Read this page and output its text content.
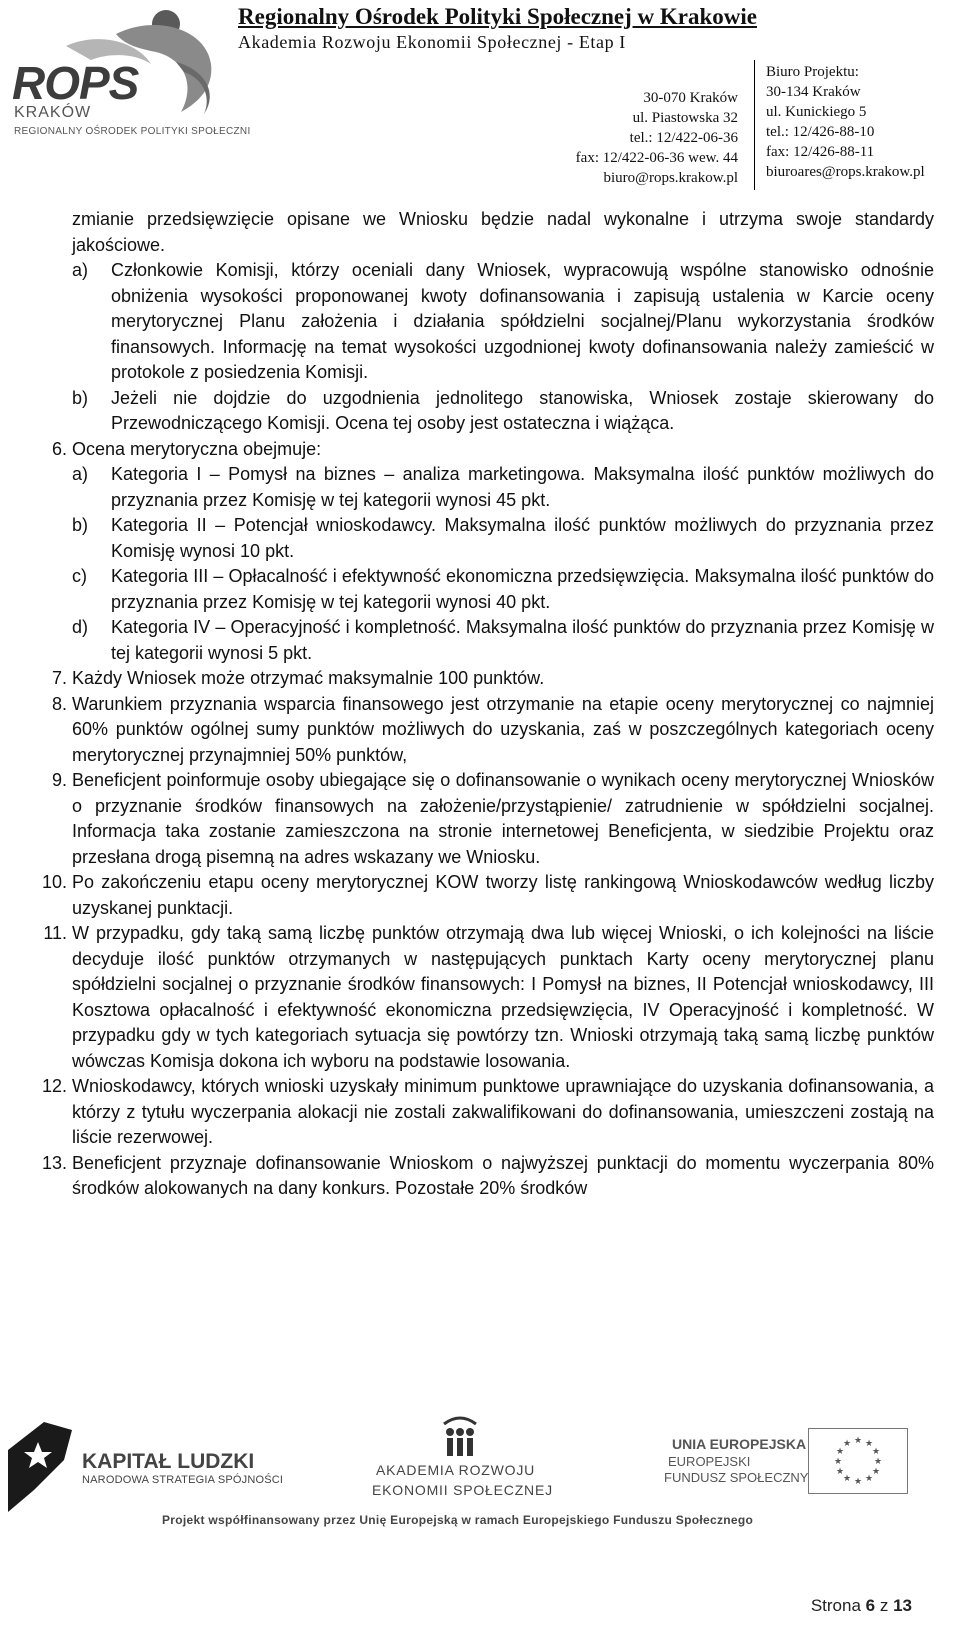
ROPS
KRAKÓW
REGIONALNY OŚRODEK POLITYKI SPOŁECZNI
Regionalny Ośrodek Polityki Społecznej w Krakowie
Akademia Rozwoju Ekonomii Społecznej - Etap I
30-070 Kraków
ul. Piastowska 32
tel.: 12/422-06-36
fax: 12/422-06-36 wew. 44
biuro@rops.krakow.pl
Biuro Projektu:
30-134 Kraków
ul. Kunickiego 5
tel.: 12/426-88-10
fax: 12/426-88-11
biuroares@rops.krakow.pl
zmianie przedsięwzięcie opisane we Wniosku będzie nadal wykonalne i utrzyma swoje standardy jakościowe.
a) Członkowie Komisji, którzy oceniali dany Wniosek, wypracowują wspólne stanowisko odnośnie obniżenia wysokości proponowanej kwoty dofinansowania i zapisują ustalenia w Karcie oceny merytorycznej Planu założenia i działania spółdzielni socjalnej/Planu wykorzystania środków finansowych. Informację na temat wysokości uzgodnionej kwoty dofinansowania należy zamieścić w protokole z posiedzenia Komisji.
b) Jeżeli nie dojdzie do uzgodnienia jednolitego stanowiska, Wniosek zostaje skierowany do Przewodniczącego Komisji. Ocena tej osoby jest ostateczna i wiążąca.
6. Ocena merytoryczna obejmuje:
a) Kategoria I – Pomysł na biznes – analiza marketingowa. Maksymalna ilość punktów możliwych do przyznania przez Komisję w tej kategorii wynosi 45 pkt.
b) Kategoria II – Potencjał wnioskodawcy. Maksymalna ilość punktów możliwych do przyznania przez Komisję wynosi 10 pkt.
c) Kategoria III – Opłacalność i efektywność ekonomiczna przedsięwzięcia. Maksymalna ilość punktów do przyznania przez Komisję w tej kategorii wynosi 40 pkt.
d) Kategoria IV – Operacyjność i kompletność. Maksymalna ilość punktów do przyznania przez Komisję w tej kategorii wynosi 5 pkt.
7. Każdy Wniosek może otrzymać maksymalnie 100 punktów.
8. Warunkiem przyznania wsparcia finansowego jest otrzymanie na etapie oceny merytorycznej co najmniej 60% punktów ogólnej sumy punktów możliwych do uzyskania, zaś w poszczególnych kategoriach oceny merytorycznej przynajmniej 50% punktów,
9. Beneficjent poinformuje osoby ubiegające się o dofinansowanie o wynikach oceny merytorycznej Wniosków o przyznanie środków finansowych na założenie/przystąpienie/ zatrudnienie w spółdzielni socjalnej. Informacja taka zostanie zamieszczona na stronie internetowej Beneficjenta, w siedzibie Projektu oraz przesłana drogą pisemną na adres wskazany we Wniosku.
10. Po zakończeniu etapu oceny merytorycznej KOW tworzy listę rankingową Wnioskodawców według liczby uzyskanej punktacji.
11. W przypadku, gdy taką samą liczbę punktów otrzymają dwa lub więcej Wnioski, o ich kolejności na liście decyduje ilość punktów otrzymanych w następujących punktach Karty oceny merytorycznej planu spółdzielni socjalnej o przyznanie środków finansowych: I Pomysł na biznes, II Potencjał wnioskodawcy, III Kosztowa opłacalność i efektywność ekonomiczna przedsięwzięcia, IV Operacyjność i kompletność. W przypadku gdy w tych kategoriach sytuacja się powtórzy tzn. Wnioski otrzymają taką samą liczbę punktów wówczas Komisja dokona ich wyboru na podstawie losowania.
12. Wnioskodawcy, których wnioski uzyskały minimum punktowe uprawniające do uzyskania dofinansowania, a którzy z tytułu wyczerpania alokacji nie zostali zakwalifikowani do dofinansowania, umieszczeni zostają na liście rezerwowej.
13. Beneficjent przyznaje dofinansowanie Wnioskom o najwyższej punktacji do momentu wyczerpania 80% środków alokowanych na dany konkurs. Pozostałe 20% środków
KAPITAŁ LUDZKI
NARODOWA STRATEGIA SPÓJNOŚCI
AKADEMIA ROZWOJU
EKONOMII SPOŁECZNEJ
UNIA EUROPEJSKA
EUROPEJSKI
FUNDUSZ SPOŁECZNY
★ ★
★
★
★
★
★
★
★
★
★
★
Projekt współfinansowany przez Unię Europejską w ramach Europejskiego Funduszu Społecznego
Strona 6 z 13
